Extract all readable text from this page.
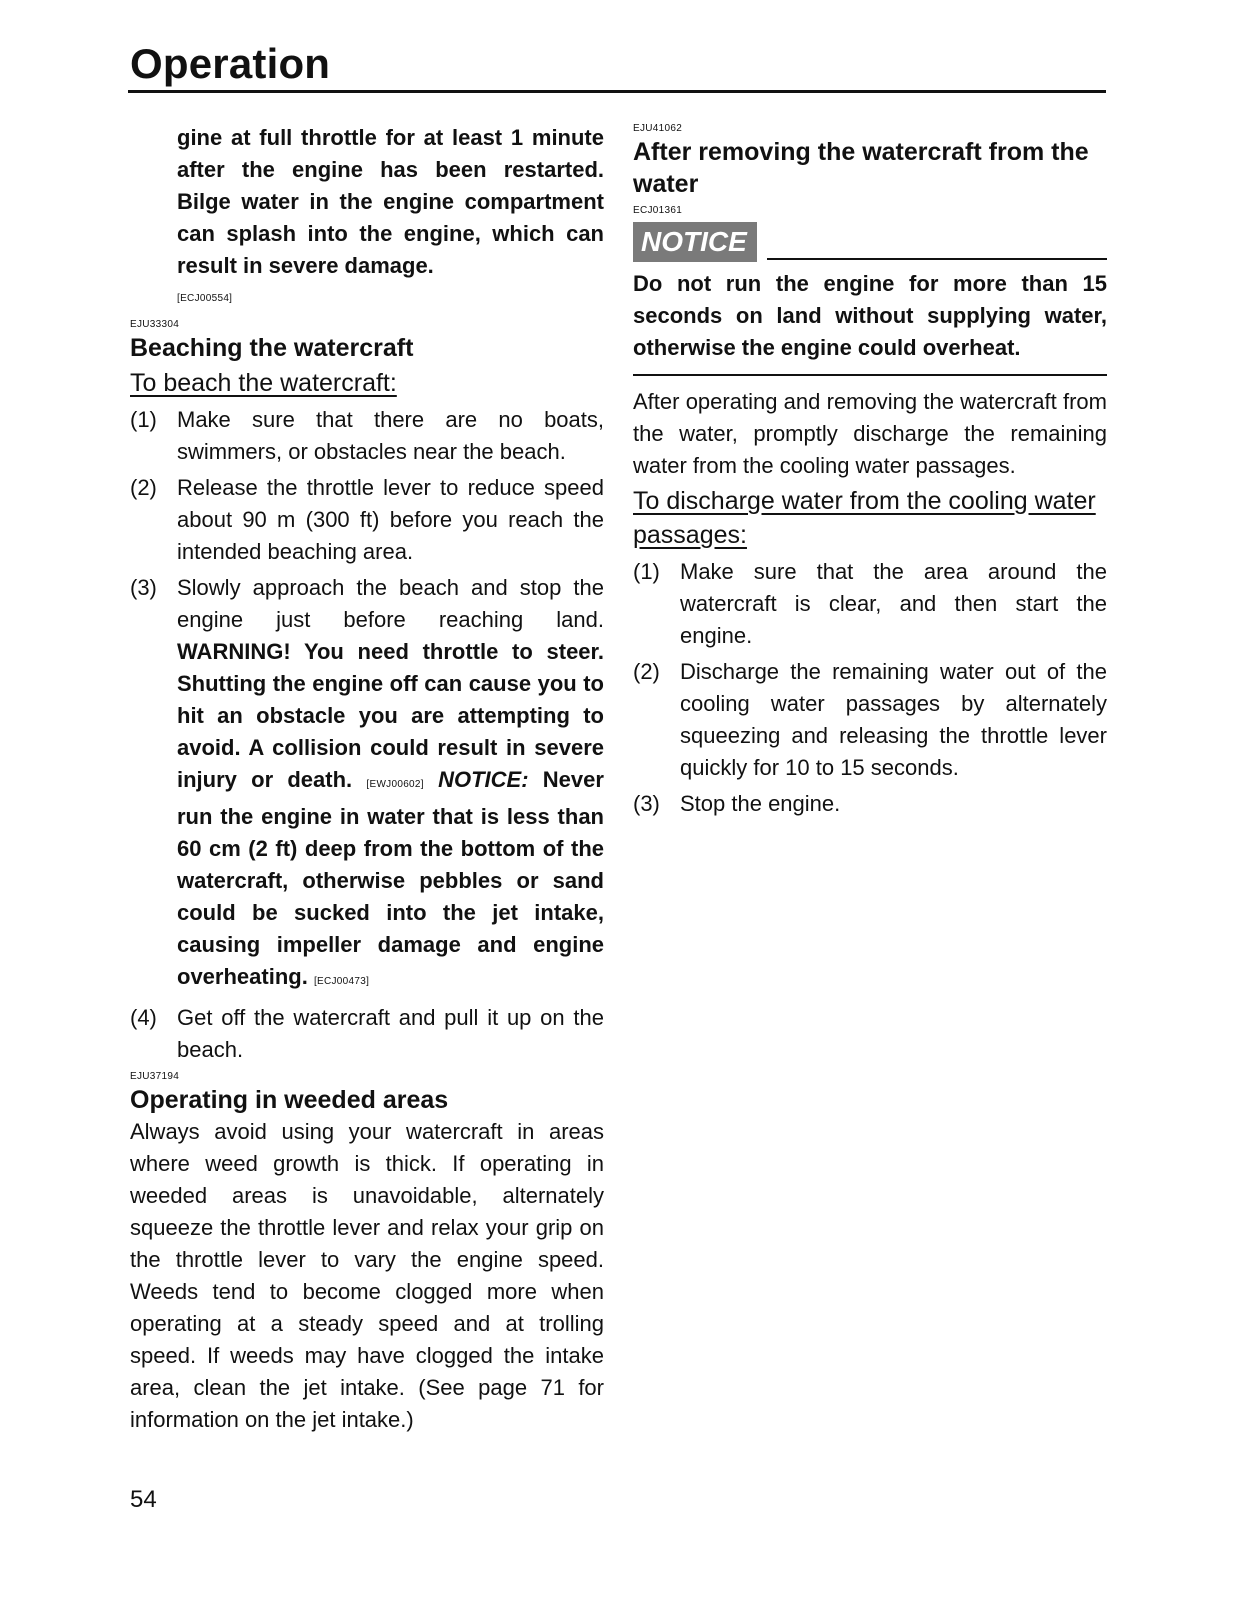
Operation
gine at full throttle for at least 1 minute after the engine has been restarted. Bilge water in the engine compartment can splash into the engine, which can result in severe damage.
[ECJ00554]
EJU33304
Beaching the watercraft
To beach the watercraft:
(1) Make sure that there are no boats, swimmers, or obstacles near the beach.
(2) Release the throttle lever to reduce speed about 90 m (300 ft) before you reach the intended beaching area.
(3) Slowly approach the beach and stop the engine just before reaching land. WARNING! You need throttle to steer. Shutting the engine off can cause you to hit an obstacle you are attempting to avoid. A collision could result in severe injury or death. [EWJ00602] NOTICE: Never run the engine in water that is less than 60 cm (2 ft) deep from the bottom of the watercraft, otherwise pebbles or sand could be sucked into the jet intake, causing impeller damage and engine overheating. [ECJ00473]
(4) Get off the watercraft and pull it up on the beach.
EJU37194
Operating in weeded areas

Always avoid using your watercraft in areas where weed growth is thick. If operating in weeded areas is unavoidable, alternately squeeze the throttle lever and relax your grip on the throttle lever to vary the engine speed. Weeds tend to become clogged more when operating at a steady speed and at trolling speed. If weeds may have clogged the intake area, clean the jet intake. (See page 71 for information on the jet intake.)

EJU41062
After removing the watercraft from the water
ECJ01361
NOTICE
Do not run the engine for more than 15 seconds on land without supplying water, otherwise the engine could overheat.

After operating and removing the watercraft from the water, promptly discharge the remaining water from the cooling water passages.

To discharge water from the cooling water passages:
(1) Make sure that the area around the watercraft is clear, and then start the engine.
(2) Discharge the remaining water out of the cooling water passages by alternately squeezing and releasing the throttle lever quickly for 10 to 15 seconds.
(3) Stop the engine.
54
